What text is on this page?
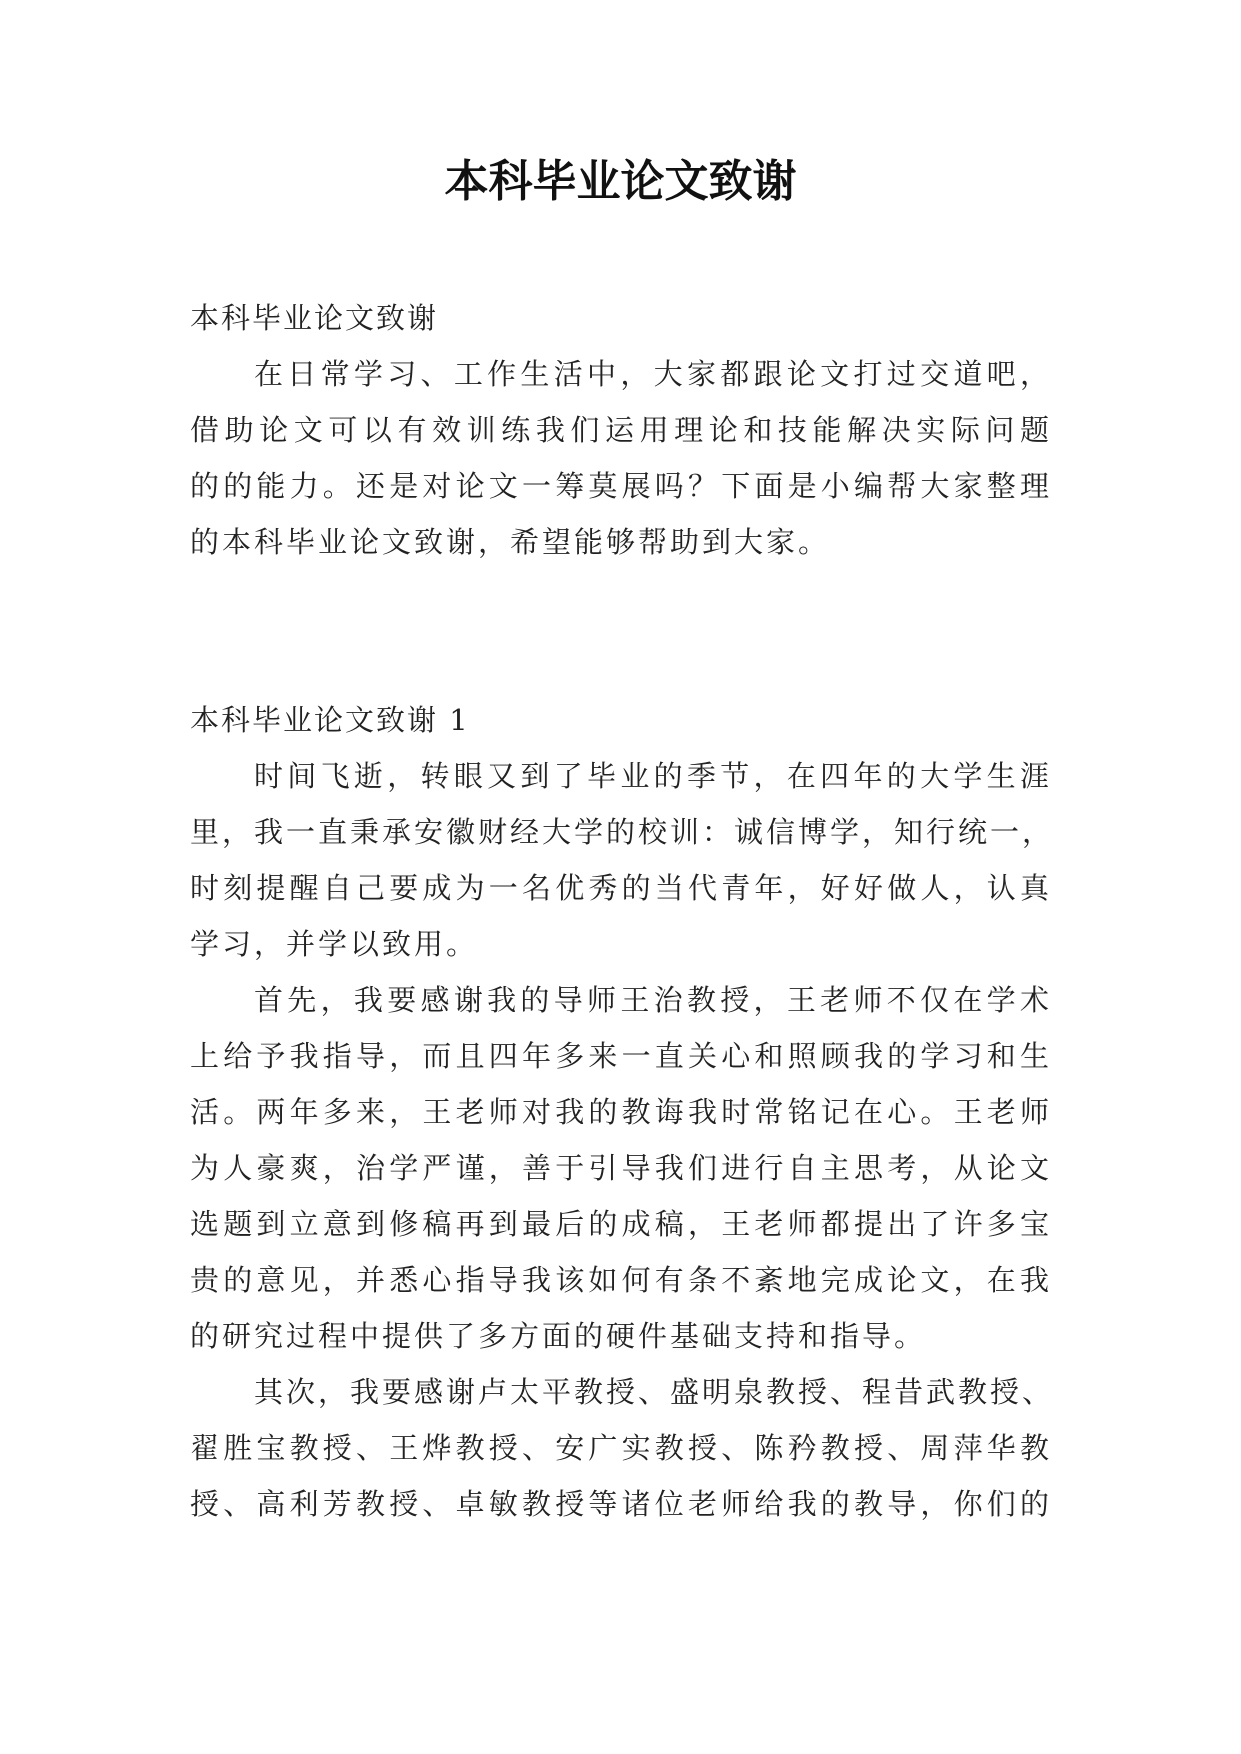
本科毕业论文致谢
本科毕业论文致谢
在日常学习、工作生活中，大家都跟论文打过交道吧，
借助论文可以有效训练我们运用理论和技能解决实际问题
的的能力。还是对论文一筹莫展吗？下面是小编帮大家整理
的本科毕业论文致谢，希望能够帮助到大家。
本科毕业论文致谢 1
时间飞逝，转眼又到了毕业的季节，在四年的大学生涯
里，我一直秉承安徽财经大学的校训：诚信博学，知行统一，
时刻提醒自己要成为一名优秀的当代青年，好好做人，认真
学习，并学以致用。
首先，我要感谢我的导师王治教授，王老师不仅在学术
上给予我指导，而且四年多来一直关心和照顾我的学习和生
活。两年多来，王老师对我的教诲我时常铭记在心。王老师
为人豪爽，治学严谨，善于引导我们进行自主思考，从论文
选题到立意到修稿再到最后的成稿，王老师都提出了许多宝
贵的意见，并悉心指导我该如何有条不紊地完成论文，在我
的研究过程中提供了多方面的硬件基础支持和指导。
其次，我要感谢卢太平教授、盛明泉教授、程昔武教授、
翟胜宝教授、王烨教授、安广实教授、陈矜教授、周萍华教
授、高利芳教授、卓敏教授等诸位老师给我的教导，你们的
